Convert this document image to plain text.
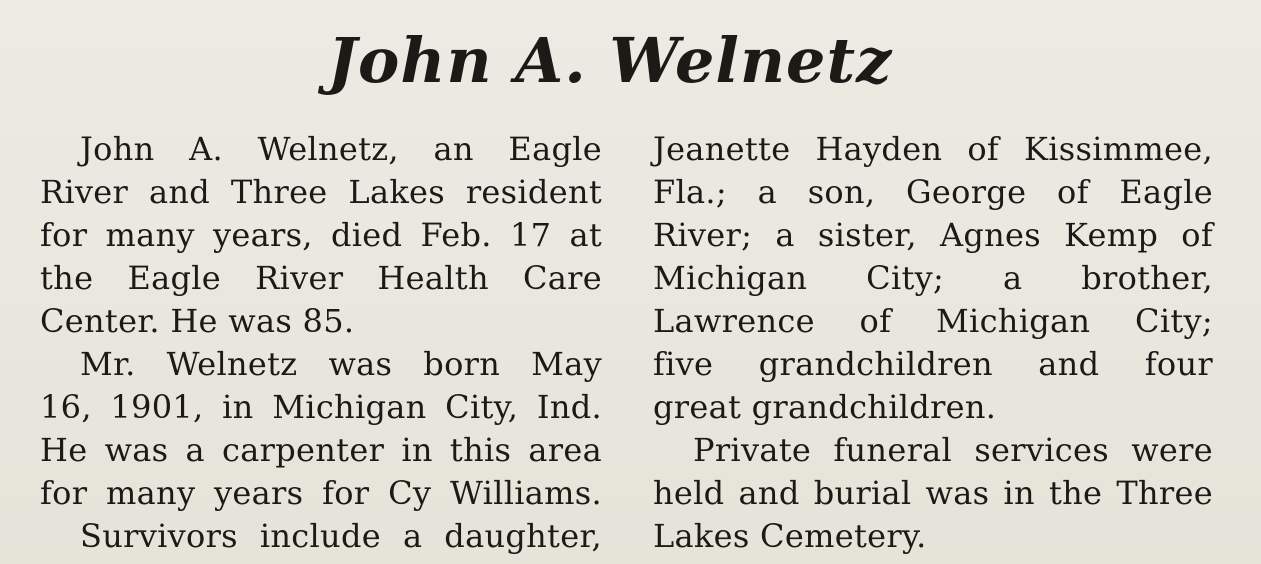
John A. Welnetz
John A. Welnetz, an Eagle
River and Three Lakes resident
for many years, died Feb. 17 at
the Eagle River Health Care
Center. He was 85.
Mr. Welnetz was born May
16, 1901, in Michigan City, Ind.
He was a carpenter in this area
for many years for Cy Williams.
Survivors include a daughter,
Jeanette Hayden of Kissimmee,
Fla.; a son, George of Eagle
River; a sister, Agnes Kemp of
Michigan City; a brother,
Lawrence of Michigan City;
five grandchildren and four
great grandchildren.
Private funeral services were
held and burial was in the Three
Lakes Cemetery.
